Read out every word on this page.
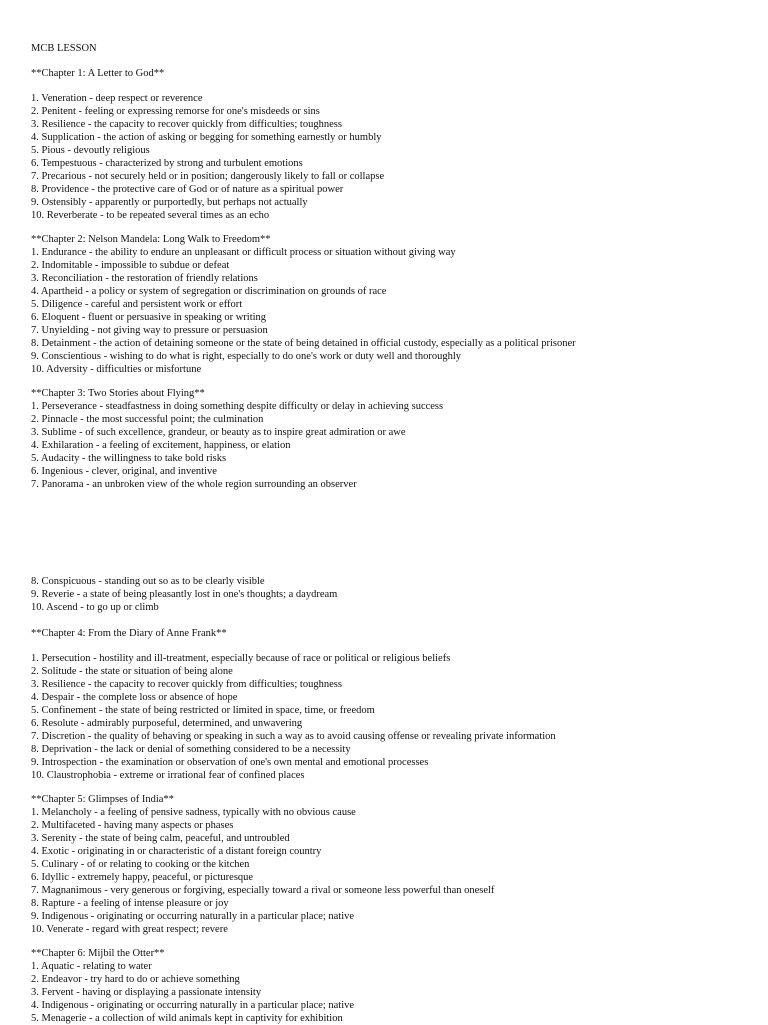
MCB LESSON
**Chapter 1: A Letter to God**
1. Veneration - deep respect or reverence
2. Penitent - feeling or expressing remorse for one's misdeeds or sins
3. Resilience - the capacity to recover quickly from difficulties; toughness
4. Supplication - the action of asking or begging for something earnestly or humbly
5. Pious - devoutly religious
6. Tempestuous - characterized by strong and turbulent emotions
7. Precarious - not securely held or in position; dangerously likely to fall or collapse
8. Providence - the protective care of God or of nature as a spiritual power
9. Ostensibly - apparently or purportedly, but perhaps not actually
10. Reverberate - to be repeated several times as an echo
**Chapter 2: Nelson Mandela: Long Walk to Freedom**
1. Endurance - the ability to endure an unpleasant or difficult process or situation without giving way
2. Indomitable - impossible to subdue or defeat
3. Reconciliation - the restoration of friendly relations
4. Apartheid - a policy or system of segregation or discrimination on grounds of race
5. Diligence - careful and persistent work or effort
6. Eloquent - fluent or persuasive in speaking or writing
7. Unyielding - not giving way to pressure or persuasion
8. Detainment - the action of detaining someone or the state of being detained in official custody, especially as a political prisoner
9. Conscientious - wishing to do what is right, especially to do one's work or duty well and thoroughly
10. Adversity - difficulties or misfortune
**Chapter 3: Two Stories about Flying**
1. Perseverance - steadfastness in doing something despite difficulty or delay in achieving success
2. Pinnacle - the most successful point; the culmination
3. Sublime - of such excellence, grandeur, or beauty as to inspire great admiration or awe
4. Exhilaration - a feeling of excitement, happiness, or elation
5. Audacity - the willingness to take bold risks
6. Ingenious - clever, original, and inventive
7. Panorama - an unbroken view of the whole region surrounding an observer
8. Conspicuous - standing out so as to be clearly visible
9. Reverie - a state of being pleasantly lost in one's thoughts; a daydream
10. Ascend - to go up or climb
**Chapter 4: From the Diary of Anne Frank**
1. Persecution - hostility and ill-treatment, especially because of race or political or religious beliefs
2. Solitude - the state or situation of being alone
3. Resilience - the capacity to recover quickly from difficulties; toughness
4. Despair - the complete loss or absence of hope
5. Confinement - the state of being restricted or limited in space, time, or freedom
6. Resolute - admirably purposeful, determined, and unwavering
7. Discretion - the quality of behaving or speaking in such a way as to avoid causing offense or revealing private information
8. Deprivation - the lack or denial of something considered to be a necessity
9. Introspection - the examination or observation of one's own mental and emotional processes
10. Claustrophobia - extreme or irrational fear of confined places
**Chapter 5: Glimpses of India**
1. Melancholy - a feeling of pensive sadness, typically with no obvious cause
2. Multifaceted - having many aspects or phases
3. Serenity - the state of being calm, peaceful, and untroubled
4. Exotic - originating in or characteristic of a distant foreign country
5. Culinary - of or relating to cooking or the kitchen
6. Idyllic - extremely happy, peaceful, or picturesque
7. Magnanimous - very generous or forgiving, especially toward a rival or someone less powerful than oneself
8. Rapture - a feeling of intense pleasure or joy
9. Indigenous - originating or occurring naturally in a particular place; native
10. Venerate - regard with great respect; revere
**Chapter 6: Mijbil the Otter**
1. Aquatic - relating to water
2. Endeavor - try hard to do or achieve something
3. Fervent - having or displaying a passionate intensity
4. Indigenous - originating or occurring naturally in a particular place; native
5. Menagerie - a collection of wild animals kept in captivity for exhibition
